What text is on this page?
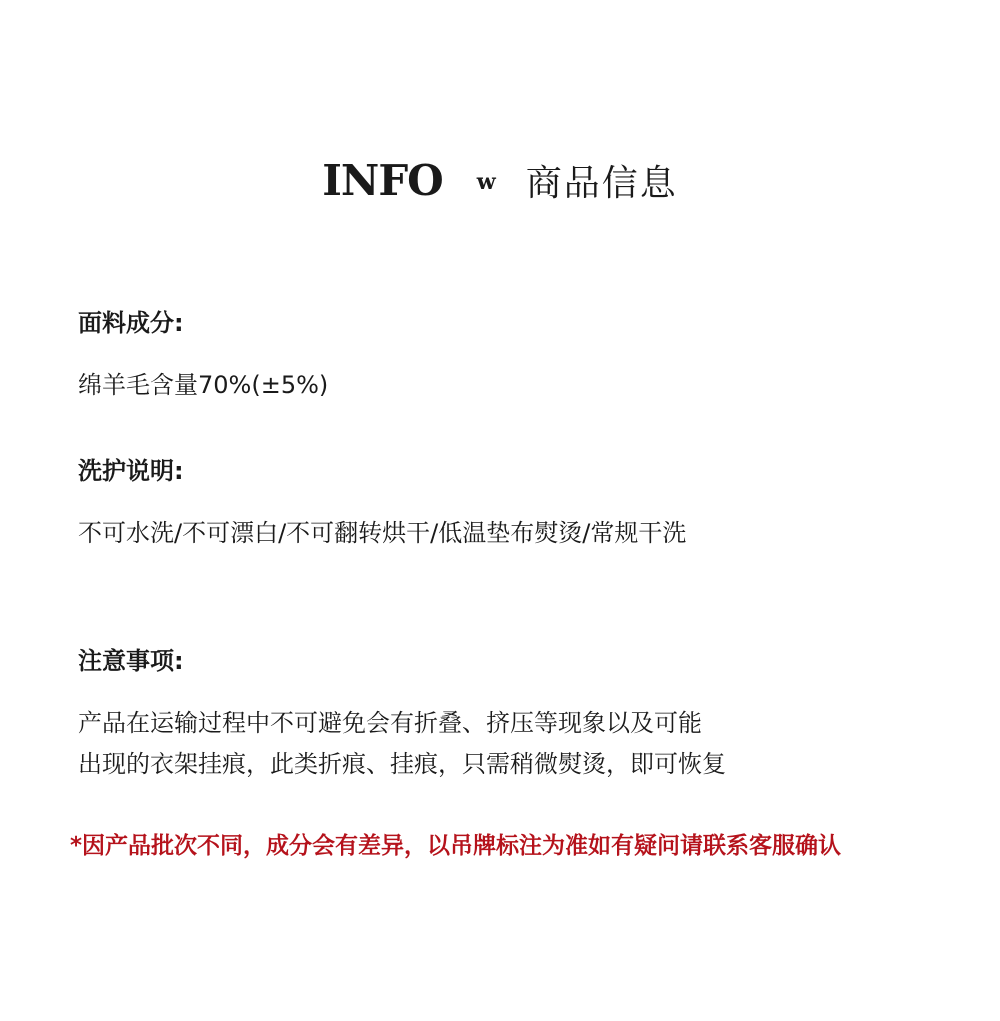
INFO w 商品信息
面料成分:

绵羊毛含量70%(±5%)

洗护说明:

不可水洗/不可漂白/不可翻转烘干/低温垫布熨烫/常规干洗

注意事项:
产品在运输过程中不可避免会有折叠、挤压等现象以及可能
出现的衣架挂痕，此类折痕、挂痕，只需稍微熨烫，即可恢复

*因产品批次不同，成分会有差异，以吊牌标注为准如有疑问请联系客服确认
